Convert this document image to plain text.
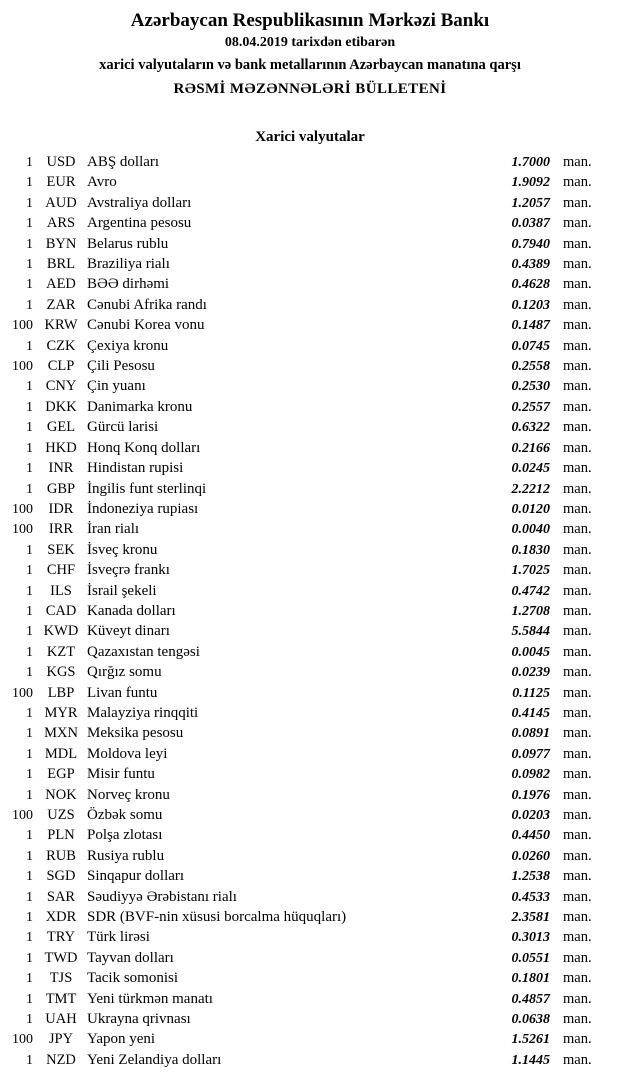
Azərbaycan Respublikasının Mərkəzi Bankı
08.04.2019 tarixdən etibarən
xarici valyutaların və bank metallarının Azərbaycan manatına qarşı
RƏSMİ MƏZƏNNƏLƏRİ BÜLLETENİ
Xarici valyutalar
1 USD ABŞ dolları	1.7000 man.
1 EUR Avro	1.9092 man.
1 AUD Avstraliya dolları	1.2057 man.
1 ARS Argentina pesosu	0.0387 man.
1 BYN Belarus rublu	0.7940 man.
1 BRL Braziliya rialı	0.4389 man.
1 AED BƏƏ dirhəmi	0.4628 man.
1 ZAR Cənubi Afrika randı	0.1203 man.
100 KRW Cənubi Korea vonu	0.1487 man.
1 CZK Çexiya kronu	0.0745 man.
100	CLP Çili Pesosu	0.2558 man.
1 CNY Çin yuanı	0.2530 man.
1 DKK Danimarka kronu	0.2557 man.
1 GEL Gürcü larisi	0.6322 man.
1 HKD Honq Konq dolları	0.2166 man.
1	INR Hindistan rupisi	0.0245 man.
1 GBP İngilis funt sterlinqi	2.2212 man.
100	IDR İndoneziya rupiası	0.0120 man.
100	IRR İran rialı	0.0040 man.
1 SEK İsveç kronu	0.1830 man.
1 CHF İsveçrə frankı	1.7025 man.
1	ILS	İsrail şekeli	0.4742 man.
1 CAD Kanada dolları	1.2708 man.
1 KWD Küveyt dinarı	5.5844 man.
1 KZT Qazaxıstan tengəsi	0.0045 man.
1 KGS Qırğız somu	0.0239 man.
100	LBP Livan funtu	0.1125 man.
1 MYR Malayziya rinqqiti	0.4145 man.
1 MXN Meksika pesosu	0.0891 man.
1 MDL Moldova leyi	0.0977 man.
1 EGP Misir funtu	0.0982 man.
1 NOK Norveç kronu	0.1976 man.
100 UZS Özbək somu	0.0203 man.
1 PLN Polşa zlotası	0.4450 man.
1 RUB Rusiya rublu	0.0260 man.
1 SGD Sinqapur dolları	1.2538 man.
1 SAR Səudiyyə Ərəbistanı rialı	0.4533 man.
1 XDR SDR (BVF-nin xüsusi borcalma hüquqları)	2.3581 man.
1 TRY Türk lirəsi	0.3013 man.
1 TWD Tayvan dolları	0.0551 man.
1	TJS Tacik somonisi	0.1801 man.
1 TMT Yeni türkmən manatı	0.4857 man.
1 UAH Ukrayna qrivnası	0.0638 man.
100	JPY Yapon yeni	1.5261 man.
1 NZD Yeni Zelandiya dolları	1.1445 man.
